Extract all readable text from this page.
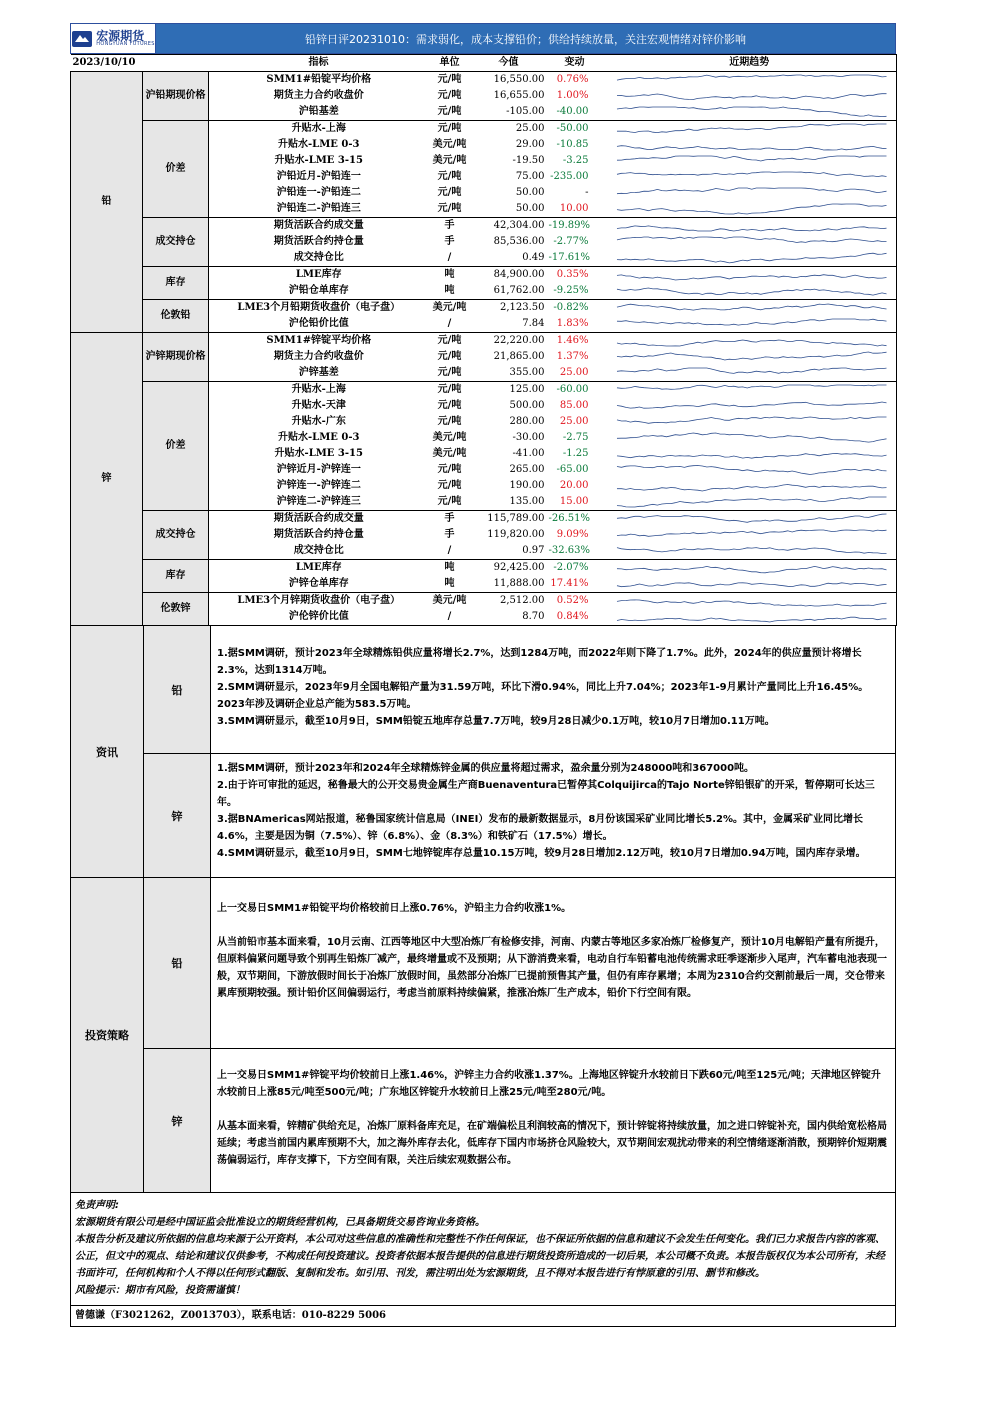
宏源期货
HONGYUAN FUTURES	铅锌日评20231010：需求弱化，成本支撑铅价；供给持续放量，关注宏观情绪对锌价影响
2023/10/10		指标	单位	今值	变动	近期趋势
铅	沪铅期现价格	SMM1#铅锭平均价格	元/吨	16,550.00	0.76%	

		期货主力合约收盘价	元/吨	16,655.00	1.00%	

		沪铅基差	元/吨	-105.00	-40.00	

	价差	升贴水-上海	元/吨	25.00	-50.00	

		升贴水-LME 0-3	美元/吨	29.00	-10.85	

		升贴水-LME 3-15	美元/吨	-19.50	-3.25	

		沪铅近月-沪铅连一	元/吨	75.00	-235.00	

		沪铅连一-沪铅连二	元/吨	50.00	-	

		沪铅连二-沪铅连三	元/吨	50.00	10.00	

	成交持仓	期货活跃合约成交量	手	42,304.00	-19.89%	

		期货活跃合约持仓量	手	85,536.00	-2.77%	

		成交持仓比	/	0.49	-17.61%	

	库存	LME库存	吨	84,900.00	0.35%	

		沪铅仓单库存	吨	61,762.00	-9.25%	

	伦敦铅	LME3个月铅期货收盘价（电子盘）	美元/吨	2,123.50	-0.82%	

		沪伦铅价比值	/	7.84	1.83%	

锌	沪锌期现价格	SMM1#锌锭平均价格	元/吨	22,220.00	1.46%	

		期货主力合约收盘价	元/吨	21,865.00	1.37%	

		沪锌基差	元/吨	355.00	25.00	

	价差	升贴水-上海	元/吨	125.00	-60.00	

		升贴水-天津	元/吨	500.00	85.00	

		升贴水-广东	元/吨	280.00	25.00	

		升贴水-LME 0-3	美元/吨	-30.00	-2.75	

		升贴水-LME 3-15	美元/吨	-41.00	-1.25	

		沪锌近月-沪锌连一	元/吨	265.00	-65.00	

		沪锌连一-沪锌连二	元/吨	190.00	20.00	

		沪锌连二-沪锌连三	元/吨	135.00	15.00	

	成交持仓	期货活跃合约成交量	手	115,789.00	-26.51%	

		期货活跃合约持仓量	手	119,820.00	9.09%	

		成交持仓比	/	0.97	-32.63%	

	库存	LME库存	吨	92,425.00	-2.07%	

		沪锌仓单库存	吨	11,888.00	17.41%	

	伦敦锌	LME3个月锌期货收盘价（电子盘）	美元/吨	2,512.00	0.52%	

		沪伦锌价比值	/	8.70	0.84%	
资讯
铅

1.据SMM调研，预计2023年全球精炼铅供应量将增长2.7%，达到1284万吨，而2022年则下降了1.7%。此外，2024年的供应量预计将增长2.3%，达到1314万吨。

2.SMM调研显示，2023年9月全国电解铅产量为31.59万吨，环比下滑0.94%，同比上升7.04%；2023年1-9月累计产量同比上升16.45%。2023年涉及调研企业总产能为583.5万吨。

3.SMM调研显示，截至10月9日，SMM铅锭五地库存总量7.7万吨，较9月28日减少0.1万吨，较10月7日增加0.11万吨。

锌

1.据SMM调研，预计2023年和2024年全球精炼锌金属的供应量将超过需求，盈余量分别为248000吨和367000吨。

2.由于许可审批的延迟，秘鲁最大的公开交易贵金属生产商Buenaventura已暂停其Colquijirca的Tajo Norte锌铅银矿的开采，暂停期可长达三年。

3.据BNAmericas网站报道，秘鲁国家统计信息局（INEI）发布的最新数据显示，8月份该国采矿业同比增长5.2%。其中，金属采矿业同比增长4.6%，主要是因为铜（7.5%）、锌（6.8%）、金（8.3%）和铁矿石（17.5%）增长。

4.SMM调研显示，截至10月9日，SMM七地锌锭库存总量10.15万吨，较9月28日增加2.12万吨，较10月7日增加0.94万吨，国内库存录增。

投资策略
铅

上一交易日SMM1#铅锭平均价格较前日上涨0.76%，沪铅主力合约收涨1%。

从当前铅市基本面来看，10月云南、江西等地区中大型冶炼厂有检修安排，河南、内蒙古等地区多家冶炼厂检修复产，预计10月电解铅产量有所提升，但原料偏紧问题导致个别再生铅炼厂减产，最终增量或不及预期；从下游消费来看，电动自行车铅蓄电池传统需求旺季逐渐步入尾声，汽车蓄电池表现一般，双节期间，下游放假时间长于冶炼厂放假时间，虽然部分冶炼厂已提前预售其产量，但仍有库存累增；本周为2310合约交割前最后一周，交仓带来累库预期较强。预计铅价区间偏弱运行，考虑当前原料持续偏紧，推涨冶炼厂生产成本，铅价下行空间有限。

锌

上一交易日SMM1#锌锭平均价较前日上涨1.46%，沪锌主力合约收涨1.37%。上海地区锌锭升水较前日下跌60元/吨至125元/吨；天津地区锌锭升水较前日上涨85元/吨至500元/吨；广东地区锌锭升水较前日上涨25元/吨至280元/吨。

从基本面来看，锌精矿供给充足，冶炼厂原料备库充足，在矿端偏松且利润较高的情况下，预计锌锭将持续放量，加之进口锌锭补充，国内供给宽松格局延续；考虑当前国内累库预期不大，加之海外库存去化，低库存下国内市场挤仓风险较大，双节期间宏观扰动带来的利空情绪逐渐消散，预期锌价短期震荡偏弱运行，库存支撑下，下方空间有限，关注后续宏观数据公布。

免责声明:

宏源期货有限公司是经中国证监会批准设立的期货经营机构，已具备期货交易咨询业务资格。

本报告分析及建议所依据的信息均来源于公开资料，本公司对这些信息的准确性和完整性不作任何保证，也不保证所依据的信息和建议不会发生任何变化。我们已力求报告内容的客观、公正，但文中的观点、结论和建议仅供参考，不构成任何投资建议。投资者依据本报告提供的信息进行期货投资所造成的一切后果，本公司概不负责。本报告版权仅为本公司所有，未经书面许可，任何机构和个人不得以任何形式翻版、复制和发布。如引用、刊发，需注明出处为宏源期货，且不得对本报告进行有悖原意的引用、删节和修改。

风险提示：期市有风险，投资需谨慎！

曾德谦（F3021262，Z0013703），联系电话：010-8229 5006
